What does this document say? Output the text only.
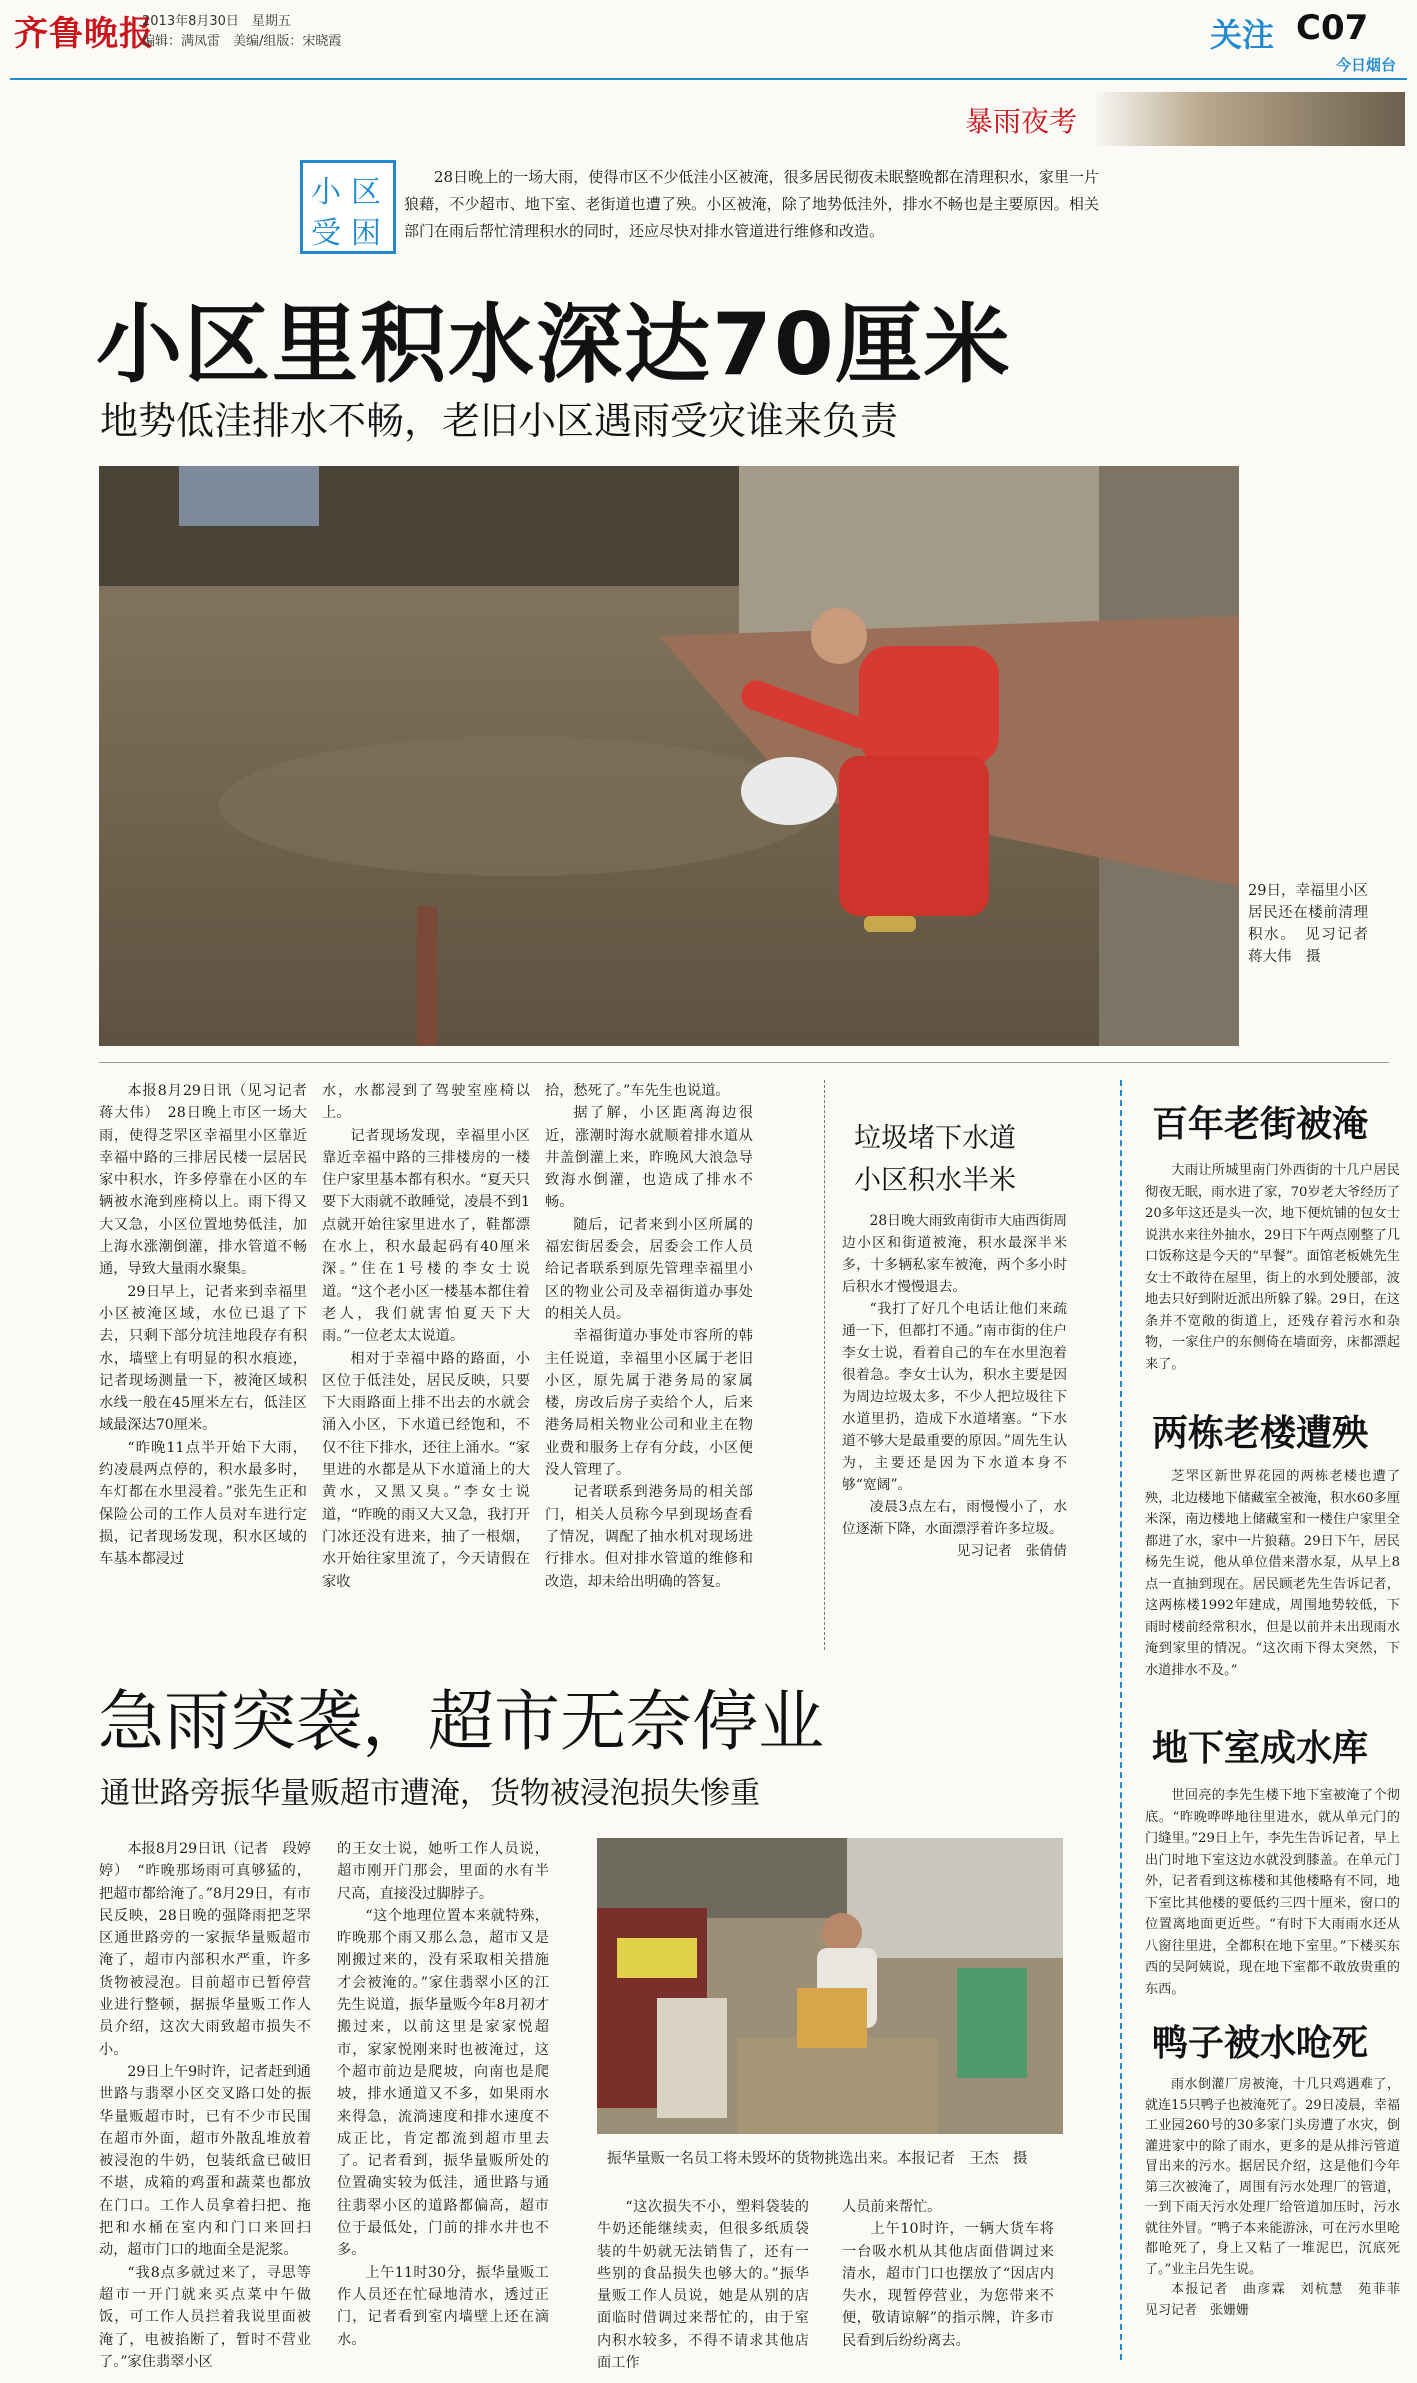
齐鲁晚报
2013年8月30日　星期五
编辑：满凤雷　美编/组版：宋晓霞	关注 C07
今日烟台
暴雨夜考
小 区
受 困

28日晚上的一场大雨，使得市区不少低洼小区被淹，很多居民彻夜未眠整晚都在清理积水，家里一片狼藉，不少超市、地下室、老街道也遭了殃。小区被淹，除了地势低洼外，排水不畅也是主要原因。相关部门在雨后帮忙清理积水的同时，还应尽快对排水管道进行维修和改造。

小区里积水深达70厘米
地势低洼排水不畅，老旧小区遇雨受灾谁来负责
29日，幸福里小区居民还在楼前清理积水。　见习记者　蒋大伟　摄

本报8月29日讯（见习记者　蒋大伟）　28日晚上市区一场大雨，使得芝罘区幸福里小区靠近幸福中路的三排居民楼一层居民家中积水，许多停靠在小区的车辆被水淹到座椅以上。雨下得又大又急，小区位置地势低洼，加上海水涨潮倒灌，排水管道不畅通，导致大量雨水聚集。

29日早上，记者来到幸福里小区被淹区域，水位已退了下去，只剩下部分坑洼地段存有积水，墙壁上有明显的积水痕迹，记者现场测量一下，被淹区域积水线一般在45厘米左右，低洼区域最深达70厘米。

“昨晚11点半开始下大雨，约凌晨两点停的，积水最多时，车灯都在水里浸着。”张先生正和保险公司的工作人员对车进行定损，记者现场发现，积水区域的车基本都浸过

水，水都浸到了驾驶室座椅以上。

记者现场发现，幸福里小区靠近幸福中路的三排楼房的一楼住户家里基本都有积水。“夏天只要下大雨就不敢睡觉，凌晨不到1点就开始往家里进水了，鞋都漂在水上，积水最起码有40厘米深。”住在1号楼的李女士说道。“这个老小区一楼基本都住着老人，我们就害怕夏天下大雨。”一位老太太说道。

相对于幸福中路的路面，小区位于低洼处，居民反映，只要下大雨路面上排不出去的水就会涌入小区，下水道已经饱和，不仅不往下排水，还往上涌水。“家里进的水都是从下水道涌上的大黄水，又黑又臭。”李女士说道，“昨晚的雨又大又急，我打开门冰还没有进来，抽了一根烟，水开始往家里流了，今天请假在家收

拾，愁死了。”车先生也说道。

据了解，小区距离海边很近，涨潮时海水就顺着排水道从井盖倒灌上来，昨晚风大浪急导致海水倒灌，也造成了排水不畅。

随后，记者来到小区所属的福宏街居委会，居委会工作人员给记者联系到原先管理幸福里小区的物业公司及幸福街道办事处的相关人员。

幸福街道办事处市容所的韩主任说道，幸福里小区属于老旧小区，原先属于港务局的家属楼，房改后房子卖给个人，后来港务局相关物业公司和业主在物业费和服务上存有分歧，小区便没人管理了。

记者联系到港务局的相关部门，相关人员称今早到现场查看了情况，调配了抽水机对现场进行排水。但对排水管道的维修和改造，却未给出明确的答复。

垃圾堵下水道
小区积水半米

28日晚大雨致南街市大庙西街周边小区和街道被淹，积水最深半米多，十多辆私家车被淹，两个多小时后积水才慢慢退去。

“我打了好几个电话让他们来疏通一下，但都打不通。”南市街的住户李女士说，看着自己的车在水里泡着很着急。李女士认为，积水主要是因为周边垃圾太多，不少人把垃圾往下水道里扔，造成下水道堵塞。“下水道不够大是最重要的原因。”周先生认为，主要还是因为下水道本身不够“宽阔”。

凌晨3点左右，雨慢慢小了，水位逐渐下降，水面漂浮着许多垃圾。

见习记者　张倩倩

百年老街被淹

大雨让所城里南门外西街的十几户居民彻夜无眠，雨水进了家，70岁老大爷经历了20多年这还是头一次，地下便炕铺的包女士说洪水来往外抽水，29日下午两点刚整了几口饭称这是今天的“早餐”。面馆老板姚先生女士不敢待在屋里，街上的水到处腰部，波地去只好到附近派出所躲了躲。29日，在这条并不宽敞的街道上，还残存着污水和杂物，一家住户的东侧倚在墙面旁，床都漂起来了。

两栋老楼遭殃

芝罘区新世界花园的两栋老楼也遭了殃，北边楼地下储藏室全被淹，积水60多厘米深，南边楼地上储藏室和一楼住户家里全都进了水，家中一片狼藉。29日下午，居民杨先生说，他从单位借来潜水泵，从早上8点一直抽到现在。居民顾老先生告诉记者，这两栋楼1992年建成，周围地势较低，下雨时楼前经常积水，但是以前并未出现雨水淹到家里的情况。“这次雨下得太突然，下水道排水不及。”

地下室成水库

世回亮的李先生楼下地下室被淹了个彻底。“昨晚哗哗地往里进水，就从单元门的门缝里。”29日上午，李先生告诉记者，早上出门时地下室这边水就没到膝盖。在单元门外，记者看到这栋楼和其他楼略有不同，地下室比其他楼的要低约三四十厘米，窗口的位置离地面更近些。“有时下大雨雨水还从八窗往里进，全都积在地下室里。”下楼买东西的吴阿姨说，现在地下室都不敢放贵重的东西。

鸭子被水呛死

雨水倒灌厂房被淹，十几只鸡遇难了，就连15只鸭子也被淹死了。29日凌晨，幸福工业园260号的30多家门头房遭了水灾，倒灌进家中的除了雨水，更多的是从排污管道冒出来的污水。据居民介绍，这是他们今年第三次被淹了，周围有污水处理厂的管道，一到下雨天污水处理厂给管道加压时，污水就往外冒。“鸭子本来能游泳，可在污水里呛都呛死了，身上又粘了一堆泥巴，沉底死了。”业主吕先生说。

本报记者　曲彦霖　刘杭慧　苑菲菲　见习记者　张姗姗

急雨突袭，超市无奈停业
通世路旁振华量贩超市遭淹，货物被浸泡损失惨重

本报8月29日讯（记者　段婷婷）　“昨晚那场雨可真够猛的，把超市都给淹了。”8月29日，有市民反映，28日晚的强降雨把芝罘区通世路旁的一家振华量贩超市淹了，超市内部积水严重，许多货物被浸泡。目前超市已暂停营业进行整顿，据振华量贩工作人员介绍，这次大雨致超市损失不小。

29日上午9时许，记者赶到通世路与翡翠小区交叉路口处的振华量贩超市时，已有不少市民围在超市外面，超市外散乱堆放着被浸泡的牛奶，包装纸盒已破旧不堪，成箱的鸡蛋和蔬菜也都放在门口。工作人员拿着扫把、拖把和水桶在室内和门口来回扫动，超市门口的地面全是泥浆。

“我8点多就过来了，寻思等超市一开门就来买点菜中午做饭，可工作人员拦着我说里面被淹了，电被掐断了，暂时不营业了。”家住翡翠小区

的王女士说，她听工作人员说，超市刚开门那会，里面的水有半尺高，直接没过脚脖子。

“这个地理位置本来就特殊，昨晚那个雨又那么急，超市又是刚搬过来的，没有采取相关措施才会被淹的。”家住翡翠小区的江先生说道，振华量贩今年8月初才搬过来，以前这里是家家悦超市，家家悦刚来时也被淹过，这个超市前边是爬坡，向南也是爬坡，排水通道又不多，如果雨水来得急，流淌速度和排水速度不成正比，肯定都流到超市里去了。记者看到，振华量贩所处的位置确实较为低洼，通世路与通往翡翠小区的道路都偏高，超市位于最低处，门前的排水井也不多。

上午11时30分，振华量贩工作人员还在忙碌地清水，透过正门，记者看到室内墙壁上还在滴水。

振华量贩一名员工将未毁坏的货物挑选出来。本报记者　王杰　摄

“这次损失不小，塑料袋装的牛奶还能继续卖，但很多纸质袋装的牛奶就无法销售了，还有一些别的食品损失也够大的。”振华量贩工作人员说，她是从别的店面临时借调过来帮忙的，由于室内积水较多，不得不请求其他店面工作

人员前来帮忙。

上午10时许，一辆大货车将一台吸水机从其他店面借调过来清水，超市门口也摆放了“因店内失水，现暂停营业，为您带来不便，敬请谅解”的指示牌，许多市民看到后纷纷离去。
